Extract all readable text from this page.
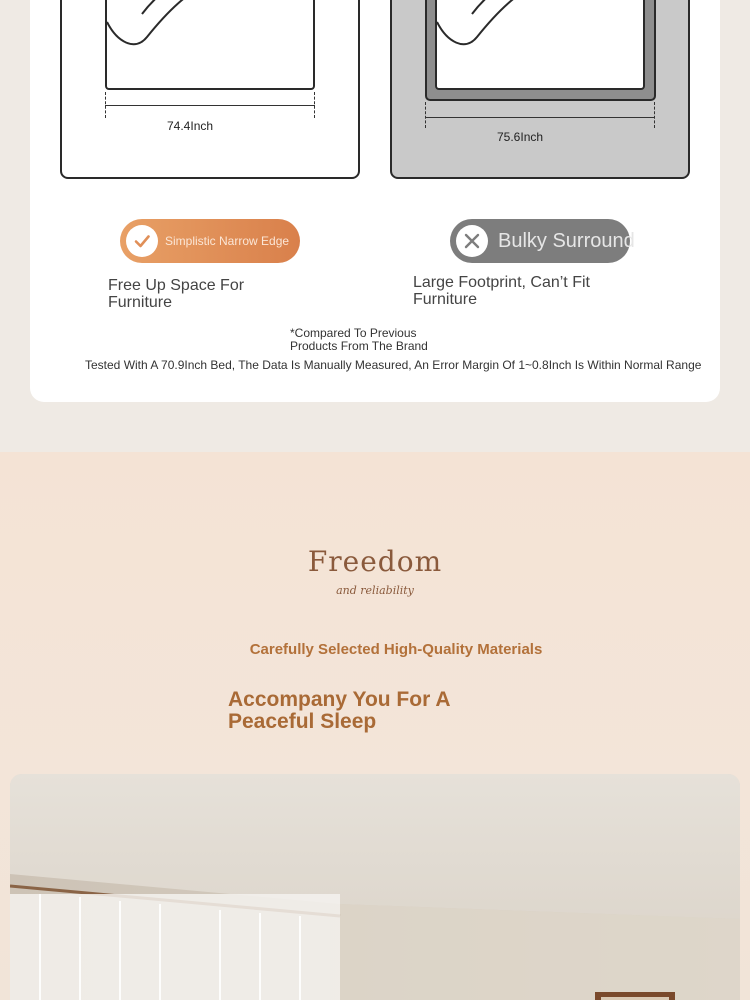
74.4Inch
75.6Inch
Simplistic Narrow Edge	Bulky Surround
Free Up Space For Furniture
Large Footprint, Can’t Fit Furniture
*Compared To Previous Products From The Brand
Tested With A 70.9Inch Bed, The Data Is Manually Measured, An Error Margin Of 1~0.8Inch Is Within Normal Range
Freedom
and reliability
Carefully Selected High-Quality Materials
Accompany You For A Peaceful Sleep
